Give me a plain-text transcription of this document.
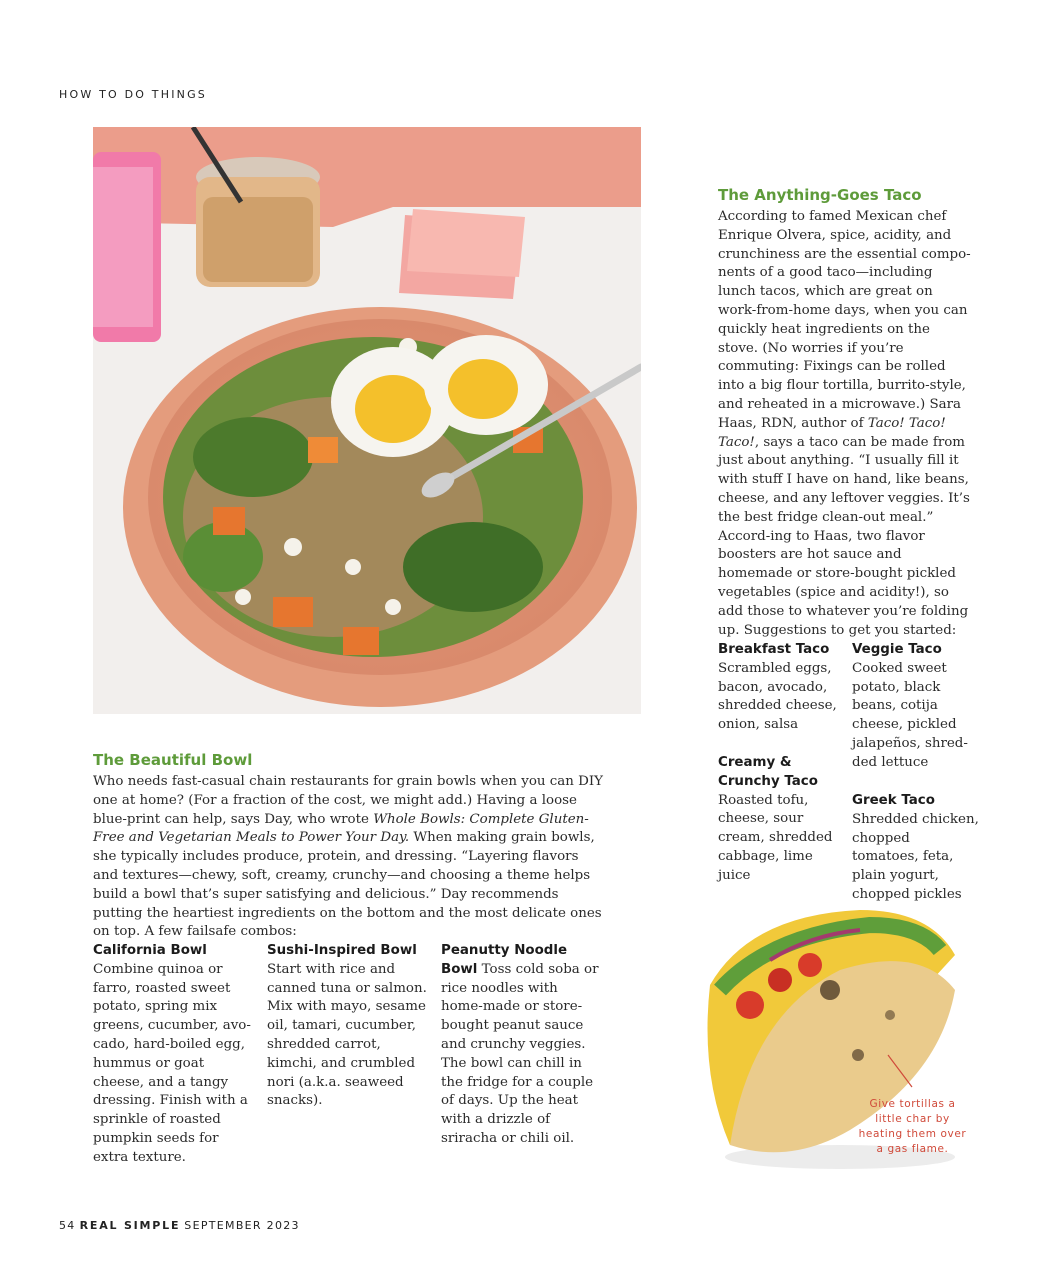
HOW TO DO THINGS
The Beautiful Bowl

Who needs fast-casual chain restaurants for grain bowls when you can DIY one at home? (For a fraction of the cost, we might add.) Having a loose blue-print can help, says Day, who wrote Whole Bowls: Complete Gluten-Free and Vegetarian Meals to Power Your Day. When making grain bowls, she typically includes produce, protein, and dressing. “Layering flavors and textures—chewy, soft, creamy, crunchy—and choosing a theme helps build a bowl that’s super satisfying and delicious.” Day recommends putting the heartiest ingredients on the bottom and the most delicate ones on top. A few failsafe combos:

California Bowl
Combine quinoa or farro, roasted sweet potato, spring mix greens, cucumber, avo-cado, hard-boiled egg, hummus or goat cheese, and a tangy dressing. Finish with a sprinkle of roasted pumpkin seeds for extra texture.
Sushi-Inspired Bowl
Start with rice and canned tuna or salmon. Mix with mayo, sesame oil, tamari, cucumber, shredded carrot, kimchi, and crumbled nori (a.k.a. seaweed snacks).
Peanutty Noodle Bowl Toss cold soba or rice noodles with home-made or store-bought peanut sauce and crunchy veggies. The bowl can chill in the fridge for a couple of days. Up the heat with a drizzle of sriracha or chili oil.
The Anything-Goes Taco

According to famed Mexican chef Enrique Olvera, spice, acidity, and crunchiness are the essential compo-nents of a good taco—including lunch tacos, which are great on work-from-home days, when you can quickly heat ingredients on the stove. (No worries if you’re commuting: Fixings can be rolled into a big flour tortilla, burrito-style, and reheated in a microwave.) Sara Haas, RDN, author of Taco! Taco! Taco!, says a taco can be made from just about anything. “I usually fill it with stuff I have on hand, like beans, cheese, and any leftover veggies. It’s the best fridge clean-out meal.” Accord-ing to Haas, two flavor boosters are hot sauce and homemade or store-bought pickled vegetables (spice and acidity!), so add those to whatever you’re folding up. Suggestions to get you started:

Breakfast Taco
Scrambled eggs, bacon, avocado, shredded cheese, onion, salsa
Veggie Taco
Cooked sweet potato, black beans, cotija cheese, pickled jalapeños, shred-ded lettuce
Creamy & Crunchy Taco
Roasted tofu, cheese, sour cream, shredded cabbage, lime juice
Greek Taco
Shredded chicken, chopped tomatoes, feta, plain yogurt, chopped pickles
Give tortillas a little char by heating them over a gas flame.
54 REAL SIMPLE SEPTEMBER 2023
